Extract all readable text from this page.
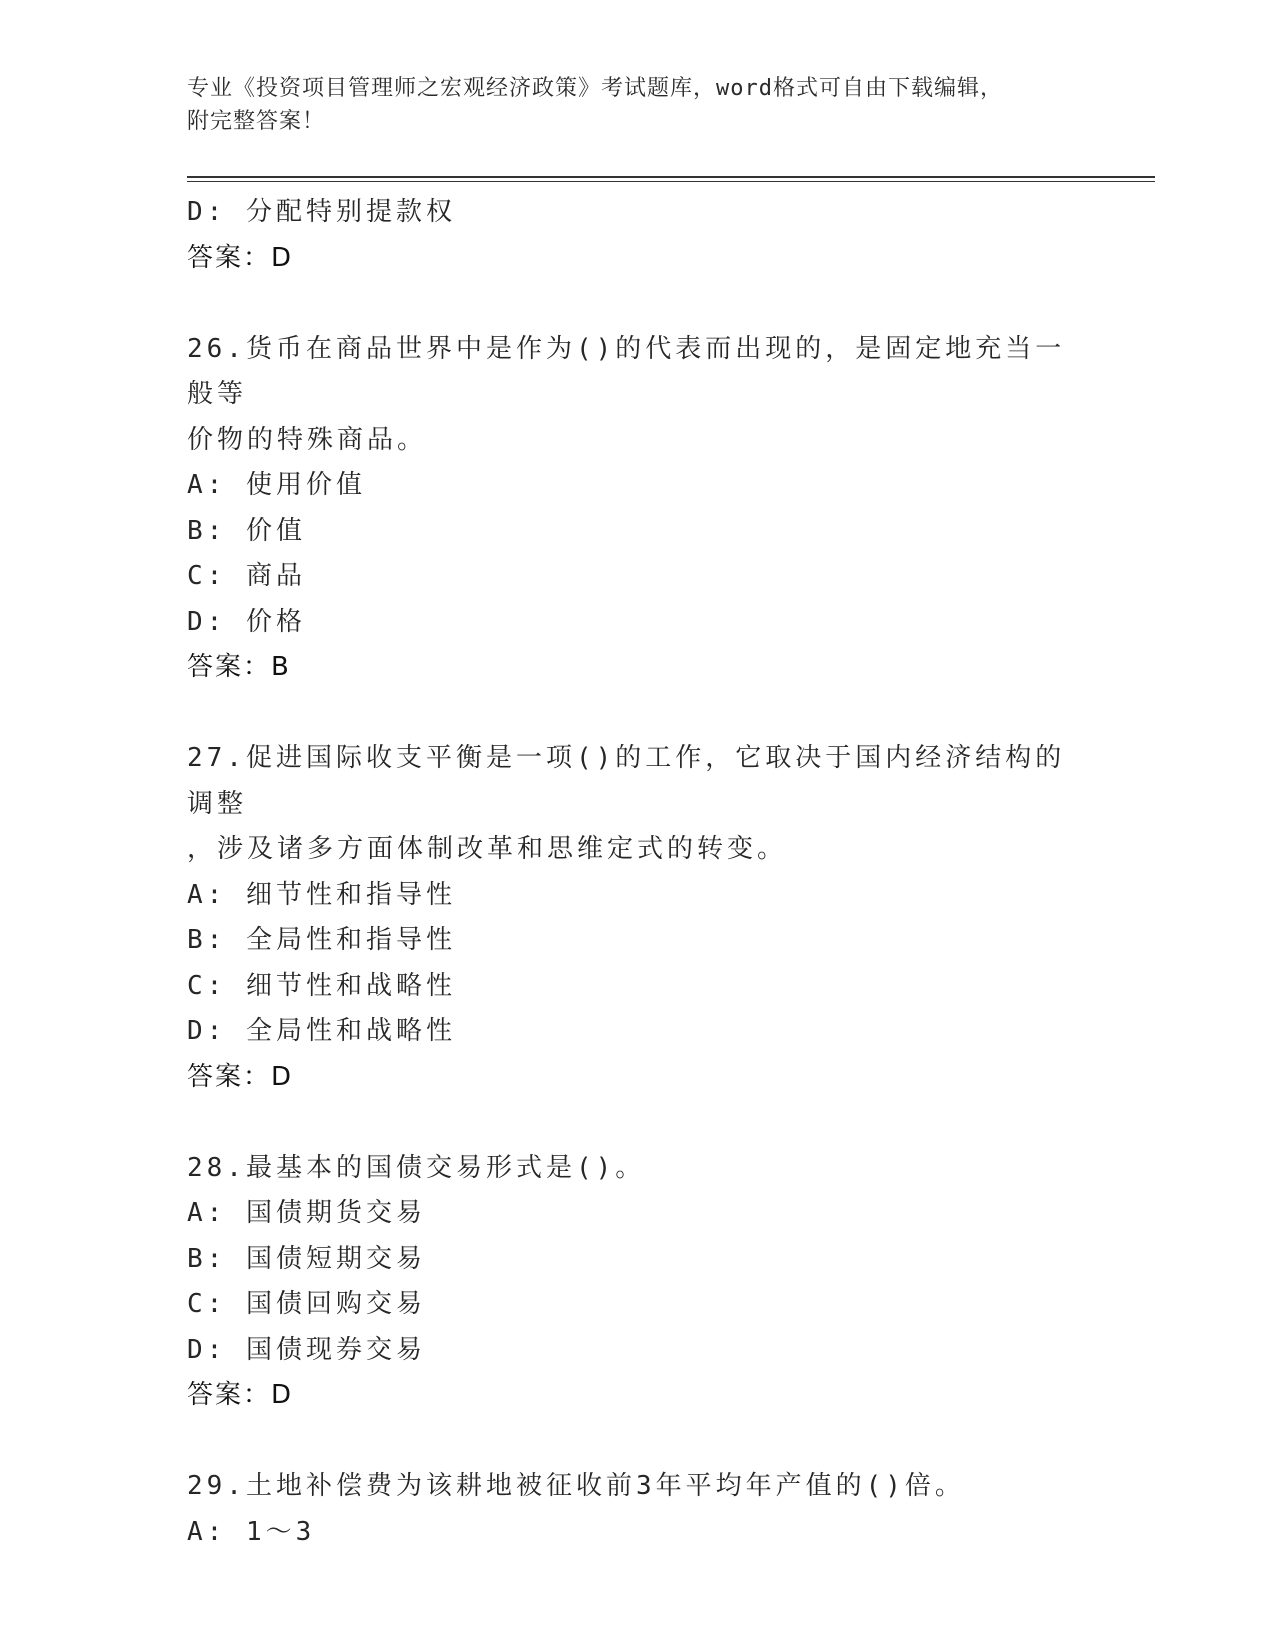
专业《投资项目管理师之宏观经济政策》考试题库，word格式可自由下载编辑，
附完整答案！
D: 分配特别提款权
答案：D
26.货币在商品世界中是作为()的代表而出现的，是固定地充当一般等
价物的特殊商品。
A: 使用价值
B: 价值
C: 商品
D: 价格
答案：B
27.促进国际收支平衡是一项()的工作，它取决于国内经济结构的调整
，涉及诸多方面体制改革和思维定式的转变。
A: 细节性和指导性
B: 全局性和指导性
C: 细节性和战略性
D: 全局性和战略性
答案：D
28.最基本的国债交易形式是()。
A: 国债期货交易
B: 国债短期交易
C: 国债回购交易
D: 国债现券交易
答案：D
29.土地补偿费为该耕地被征收前3年平均年产值的()倍。
A: 1～3
